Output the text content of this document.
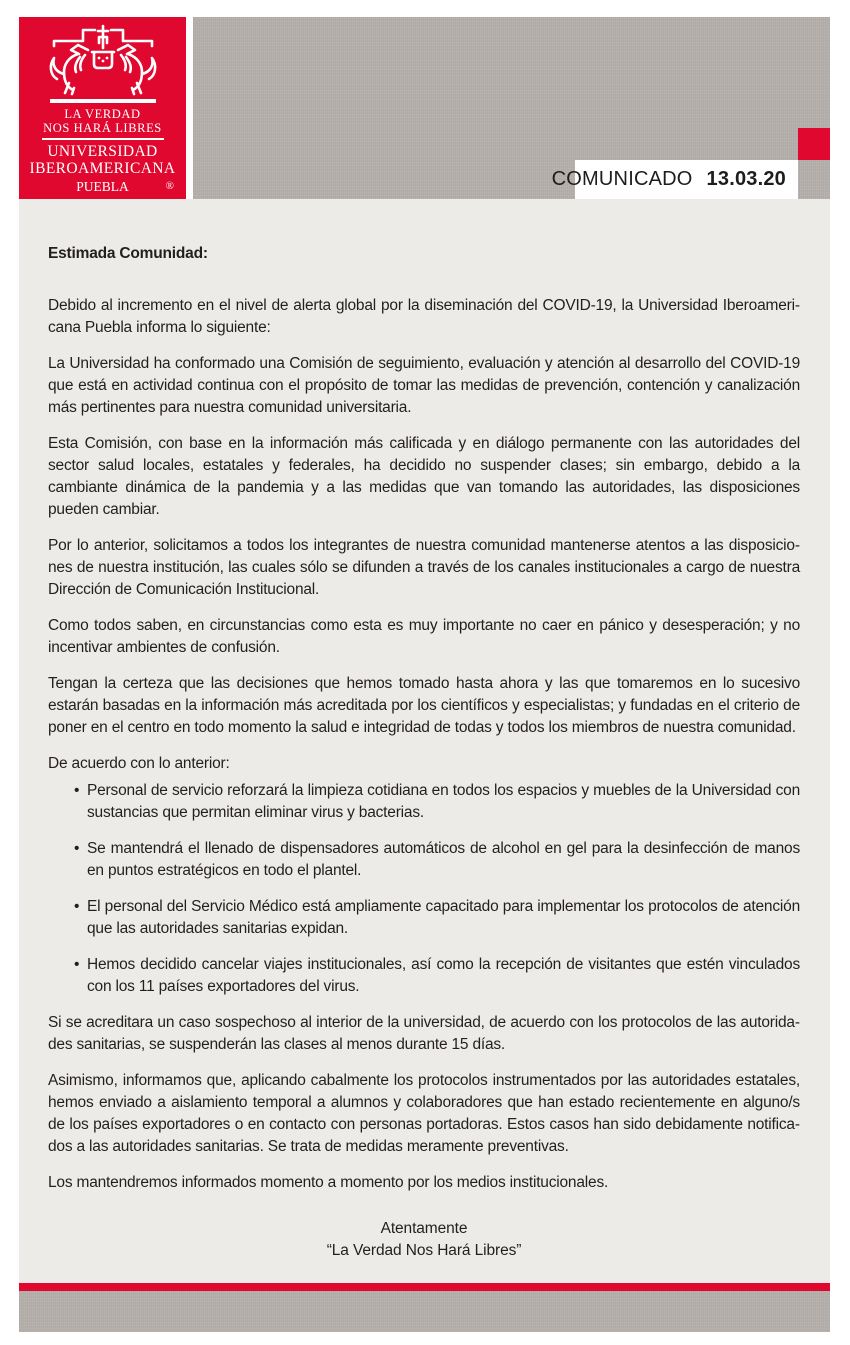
LA VERDAD
NOS HARÁ LIBRES
UNIVERSIDAD
IBEROAMERICANA
PUEBLA	®	COMUNICADO 13.03.20

Estimada Comunidad:

Debido al incremento en el nivel de alerta global por la diseminación del COVID-19, la Universidad Iberoamericana Puebla informa lo siguiente:

La Universidad ha conformado una Comisión de seguimiento, evaluación y atención al desarrollo del COVID-19 que está en actividad continua con el propósito de tomar las medidas de prevención, contención y canalización más pertinentes para nuestra comunidad universitaria.

Esta Comisión, con base en la información más calificada y en diálogo permanente con las autoridades del sector salud locales, estatales y federales, ha decidido no suspender clases; sin embargo, debido a la cambiante dinámica de la pandemia y a las medidas que van tomando las autoridades, las disposiciones pueden cambiar.

Por lo anterior, solicitamos a todos los integrantes de nuestra comunidad mantenerse atentos a las disposiciones de nuestra institución, las cuales sólo se difunden a través de los canales institucionales a cargo de nuestra Dirección de Comunicación Institucional.

Como todos saben, en circunstancias como esta es muy importante no caer en pánico y desesperación; y no incentivar ambientes de confusión.

Tengan la certeza que las decisiones que hemos tomado hasta ahora y las que tomaremos en lo sucesivo estarán basadas en la información más acreditada por los científicos y especialistas; y fundadas en el criterio de poner en el centro en todo momento la salud e integridad de todas y todos los miembros de nuestra comunidad.

De acuerdo con lo anterior:

• Personal de servicio reforzará la limpieza cotidiana en todos los espacios y muebles de la Universidad con sustancias que permitan eliminar virus y bacterias.
• Se mantendrá el llenado de dispensadores automáticos de alcohol en gel para la desinfección de manos en puntos estratégicos en todo el plantel.
• El personal del Servicio Médico está ampliamente capacitado para implementar los protocolos de atención que las autoridades sanitarias expidan.
• Hemos decidido cancelar viajes institucionales, así como la recepción de visitantes que estén vinculados con los 11 países exportadores del virus.

Si se acreditara un caso sospechoso al interior de la universidad, de acuerdo con los protocolos de las autoridades sanitarias, se suspenderán las clases al menos durante 15 días.

Asimismo, informamos que, aplicando cabalmente los protocolos instrumentados por las autoridades estatales, hemos enviado a aislamiento temporal a alumnos y colaboradores que han estado recientemente en alguno/s de los países exportadores o en contacto con personas portadoras. Estos casos han sido debidamente notificados a las autoridades sanitarias. Se trata de medidas meramente preventivas.

Los mantendremos informados momento a momento por los medios institucionales.

Atentamente

“La Verdad Nos Hará Libres”
